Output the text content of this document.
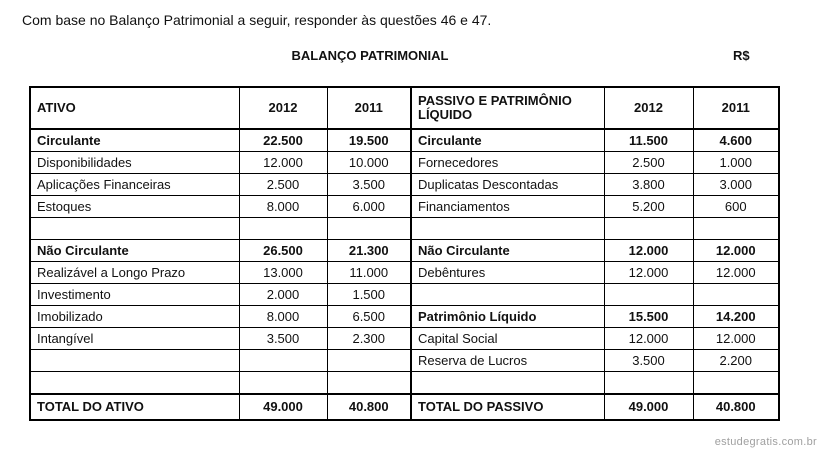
Com base no Balanço Patrimonial a seguir, responder às questões 46 e 47.
BALANÇO PATRIMONIAL	R$
ATIVO	2012	2011	PASSIVO E PATRIMÔNIO LÍQUIDO	2012	2011
Circulante	22.500	19.500	Circulante	11.500	4.600
Disponibilidades	12.000	10.000	Fornecedores	2.500	1.000
Aplicações Financeiras	2.500	3.500	Duplicatas Descontadas	3.800	3.000
Estoques	8.000	6.000	Financiamentos	5.200	600

Não Circulante	26.500	21.300	Não Circulante	12.000	12.000
Realizável a Longo Prazo	13.000	11.000	Debêntures	12.000	12.000
Investimento	2.000	1.500			
Imobilizado	8.000	6.500	Patrimônio Líquido	15.500	14.200
Intangível	3.500	2.300	Capital Social	12.000	12.000
			Reserva de Lucros	3.500	2.200

TOTAL DO ATIVO	49.000	40.800	TOTAL DO PASSIVO	49.000	40.800
estudegratis.com.br
